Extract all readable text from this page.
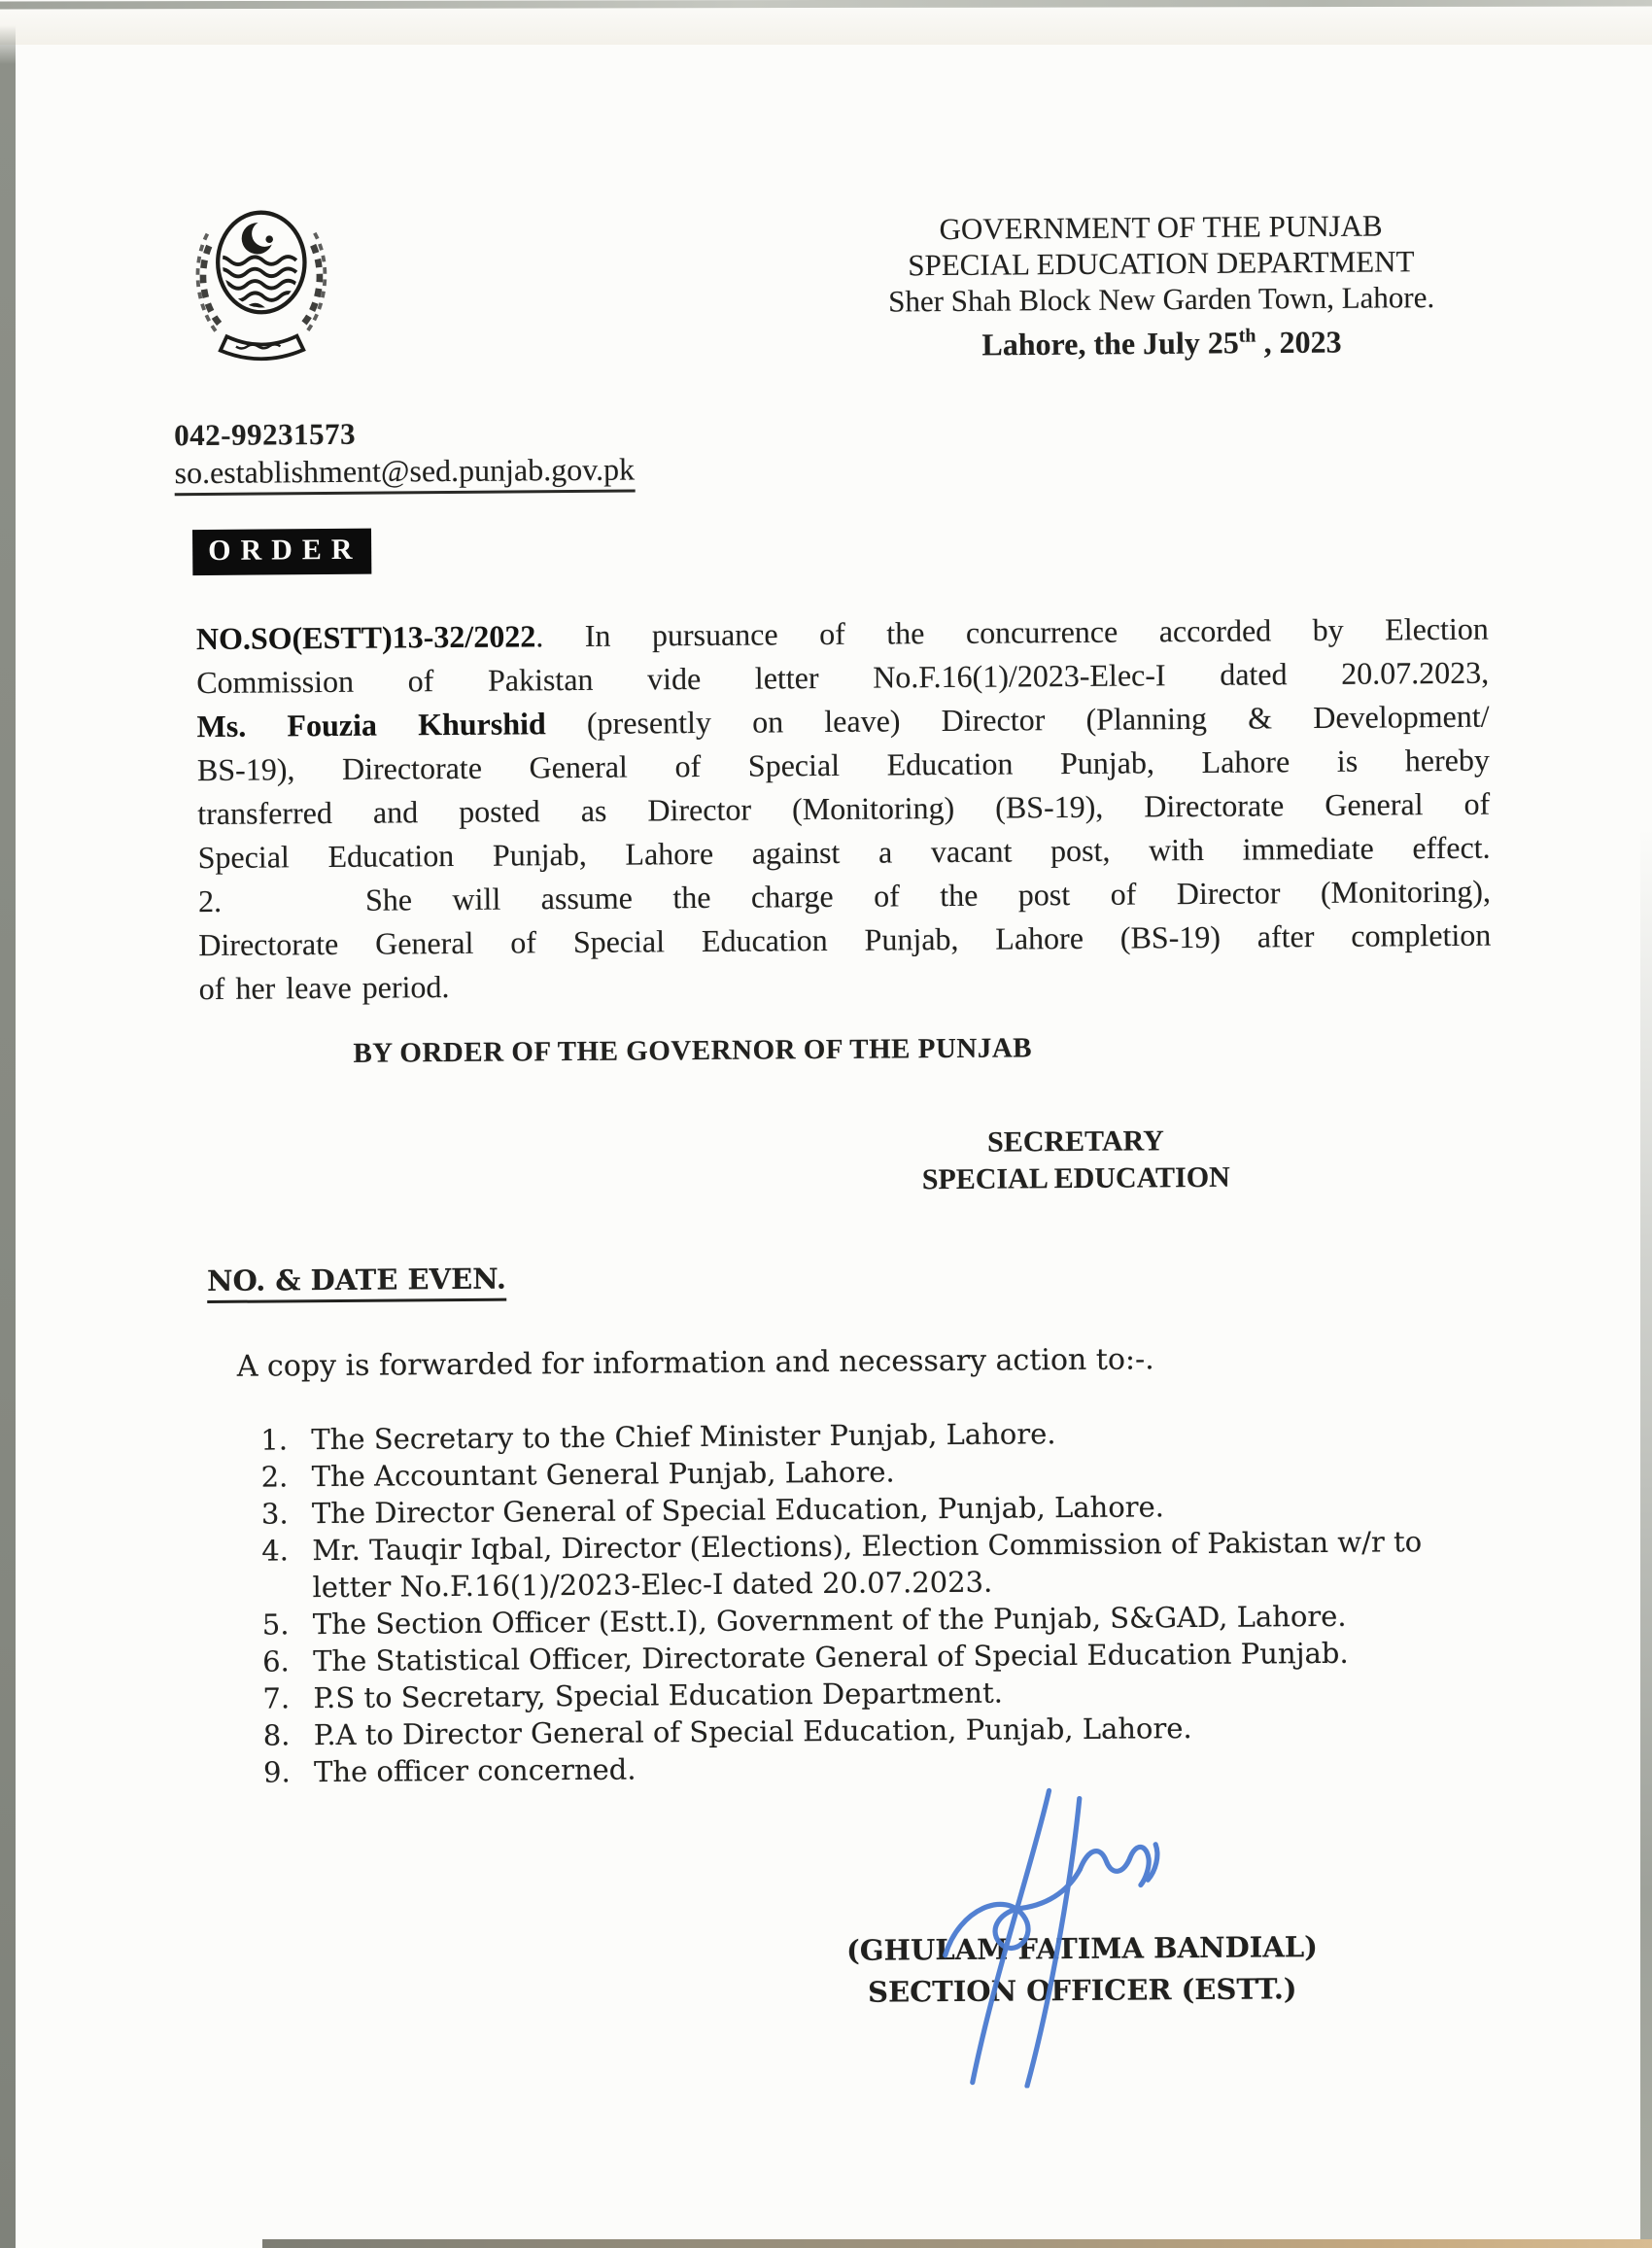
GOVERNMENT OF THE PUNJAB
SPECIAL EDUCATION DEPARTMENT
Sher Shah Block New Garden Town, Lahore.
Lahore, the July 25th , 2023
042-99231573
so.establishment@sed.punjab.gov.pk
ORDER
NO.SO(ESTT)13-32/2022. In pursuance of the concurrence accorded by Election
Commission of Pakistan vide letter No.F.16(1)/2023-Elec-I dated 20.07.2023,
Ms. Fouzia Khurshid (presently on leave) Director (Planning & Development/
BS-19), Directorate General of Special Education Punjab, Lahore is hereby
transferred and posted as Director (Monitoring) (BS-19), Directorate General of
Special Education Punjab, Lahore against a vacant post, with immediate effect.
2.	She will assume the charge of the post of Director (Monitoring),
Directorate General of Special Education Punjab, Lahore (BS-19) after completion
of her leave period.
BY ORDER OF THE GOVERNOR OF THE PUNJAB
SECRETARY
SPECIAL EDUCATION
NO. & DATE EVEN.
A copy is forwarded for information and necessary action to:-.
1. The Secretary to the Chief Minister Punjab, Lahore.
2. The Accountant General Punjab, Lahore.
3. The Director General of Special Education, Punjab, Lahore.
4. Mr. Tauqir Iqbal, Director (Elections), Election Commission of Pakistan w/r to
letter No.F.16(1)/2023-Elec-I dated 20.07.2023.
5. The Section Officer (Estt.I), Government of the Punjab, S&GAD, Lahore.
6. The Statistical Officer, Directorate General of Special Education Punjab.
7. P.S to Secretary, Special Education Department.
8. P.A to Director General of Special Education, Punjab, Lahore.
9. The officer concerned.
(GHULAM FATIMA BANDIAL)
SECTION OFFICER (ESTT.)
